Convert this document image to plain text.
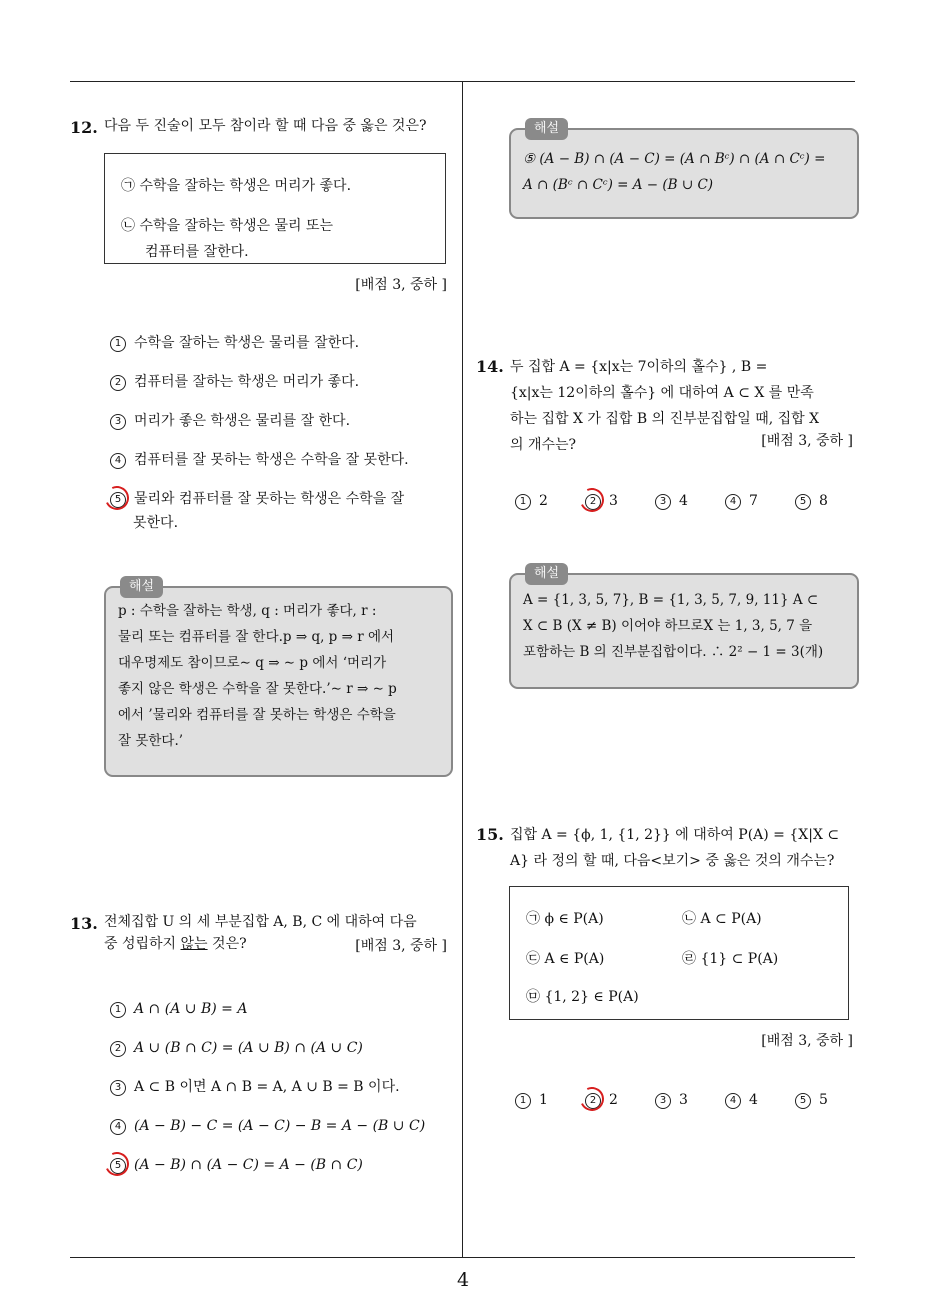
4
12. 다음 두 진술이 모두 참이라 할 때 다음 중 옳은 것은?
㉠ 수학을 잘하는 학생은 머리가 좋다.
㉡ 수학을 잘하는 학생은 물리 또는
컴퓨터를 잘한다.
[배점 3, 중하 ]
1 수학을 잘하는 학생은 물리를 잘한다.
2 컴퓨터를 잘하는 학생은 머리가 좋다.
3 머리가 좋은 학생은 물리를 잘 한다.
4 컴퓨터를 잘 못하는 학생은 수학을 잘 못한다.
5 물리와 컴퓨터를 잘 못하는 학생은 수학을 잘
못한다.
해설
p : 수학을 잘하는 학생, q : 머리가 좋다, r :
물리 또는 컴퓨터를 잘 한다.p ⇒ q, p ⇒ r 에서
대우명제도 참이므로∼ q ⇒ ∼ p 에서 ‘머리가
좋지 않은 학생은 수학을 잘 못한다.’∼ r ⇒ ∼ p
에서 ’물리와 컴퓨터를 잘 못하는 학생은 수학을
잘 못한다.’
13. 전체집합 U 의 세 부분집합 A, B, C 에 대하여 다음
중 성립하지 않는 것은?	[배점 3, 중하 ]
1 A ∩ (A ∪ B) = A
2 A ∪ (B ∩ C) = (A ∪ B) ∩ (A ∪ C)
3 A ⊂ B 이면 A ∩ B = A, A ∪ B = B 이다.
4 (A − B) − C = (A − C) − B = A − (B ∪ C)
5 (A − B) ∩ (A − C) = A − (B ∩ C)
해설
⑤ (A − B) ∩ (A − C) = (A ∩ Bᶜ) ∩ (A ∩ Cᶜ) =
A ∩ (Bᶜ ∩ Cᶜ) = A − (B ∪ C)
14. 두 집합 A = {x|x는 7이하의 홀수} , B =
{x|x는 12이하의 홀수} 에 대하여 A ⊂ X 를 만족
하는 집합 X 가 집합 B 의 진부분집합일 때, 집합 X
의 개수는?	[배점 3, 중하 ]
1 2	2 3	3 4	4 7	5 8
해설
A = {1, 3, 5, 7}, B = {1, 3, 5, 7, 9, 11} A ⊂
X ⊂ B (X ≠ B) 이어야 하므로X 는 1, 3, 5, 7 을
포함하는 B 의 진부분집합이다. ∴ 2² − 1 = 3(개)
15. 집합 A = {ϕ, 1, {1, 2}} 에 대하여 P(A) = {X|X ⊂
A} 라 정의 할 때, 다음<보기> 중 옳은 것의 개수는?
㉠ ϕ ∈ P(A)	㉡ A ⊂ P(A)
㉢ A ∈ P(A)	㉣ {1} ⊂ P(A)
㉤ {1, 2} ∈ P(A)
[배점 3, 중하 ]
1 1	2 2	3 3	4 4	5 5
